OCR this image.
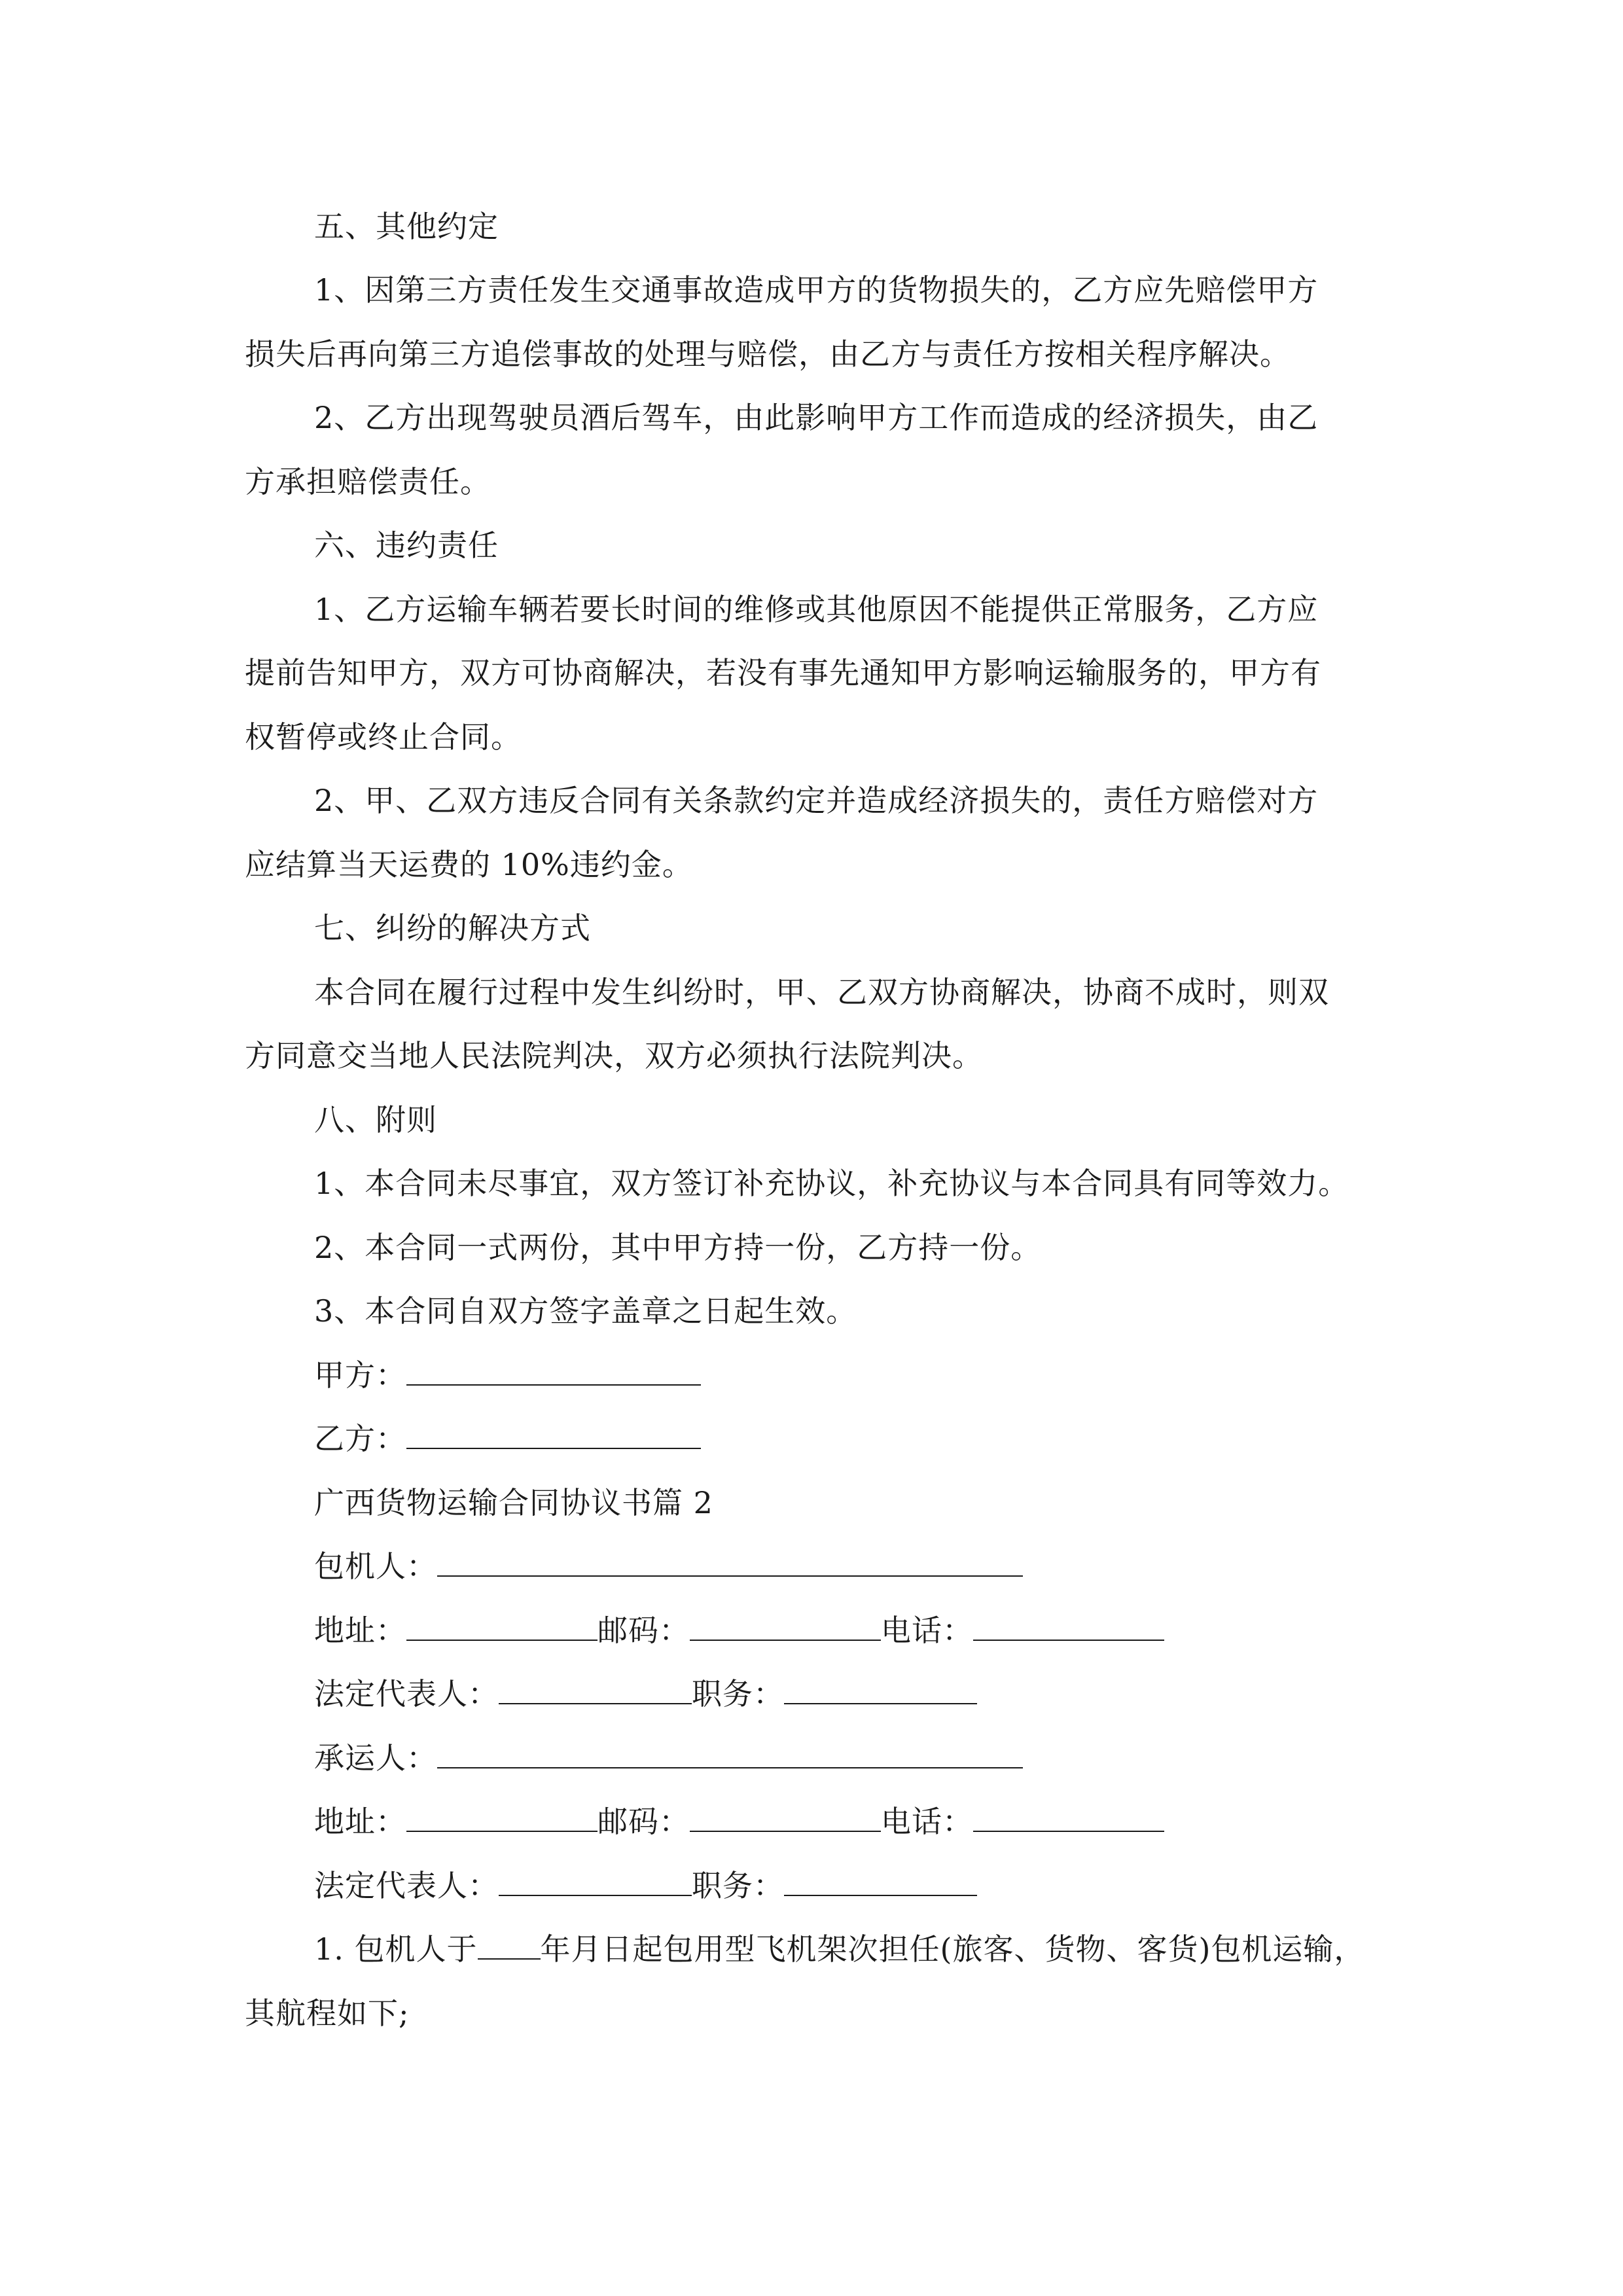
五、其他约定
1、因第三方责任发生交通事故造成甲方的货物损失的，乙方应先赔偿甲方
损失后再向第三方追偿事故的处理与赔偿，由乙方与责任方按相关程序解决。
2、乙方出现驾驶员酒后驾车，由此影响甲方工作而造成的经济损失，由乙
方承担赔偿责任。
六、违约责任
1、乙方运输车辆若要长时间的维修或其他原因不能提供正常服务，乙方应
提前告知甲方，双方可协商解决，若没有事先通知甲方影响运输服务的，甲方有
权暂停或终止合同。
2、甲、乙双方违反合同有关条款约定并造成经济损失的，责任方赔偿对方
应结算当天运费的 10%违约金。
七、纠纷的解决方式
本合同在履行过程中发生纠纷时，甲、乙双方协商解决，协商不成时，则双
方同意交当地人民法院判决，双方必须执行法院判决。
八、附则
1、本合同未尽事宜，双方签订补充协议，补充协议与本合同具有同等效力。
2、本合同一式两份，其中甲方持一份，乙方持一份。
3、本合同自双方签字盖章之日起生效。
甲方：
乙方：
广西货物运输合同协议书篇 2
包机人：
地址：	邮码：	电话：
法定代表人：	职务：
承运人：
地址：	邮码：	电话：
法定代表人：	职务：
1. 包机人于 年月日起包用型飞机架次担任(旅客、货物、客货)包机运输，
其航程如下;
